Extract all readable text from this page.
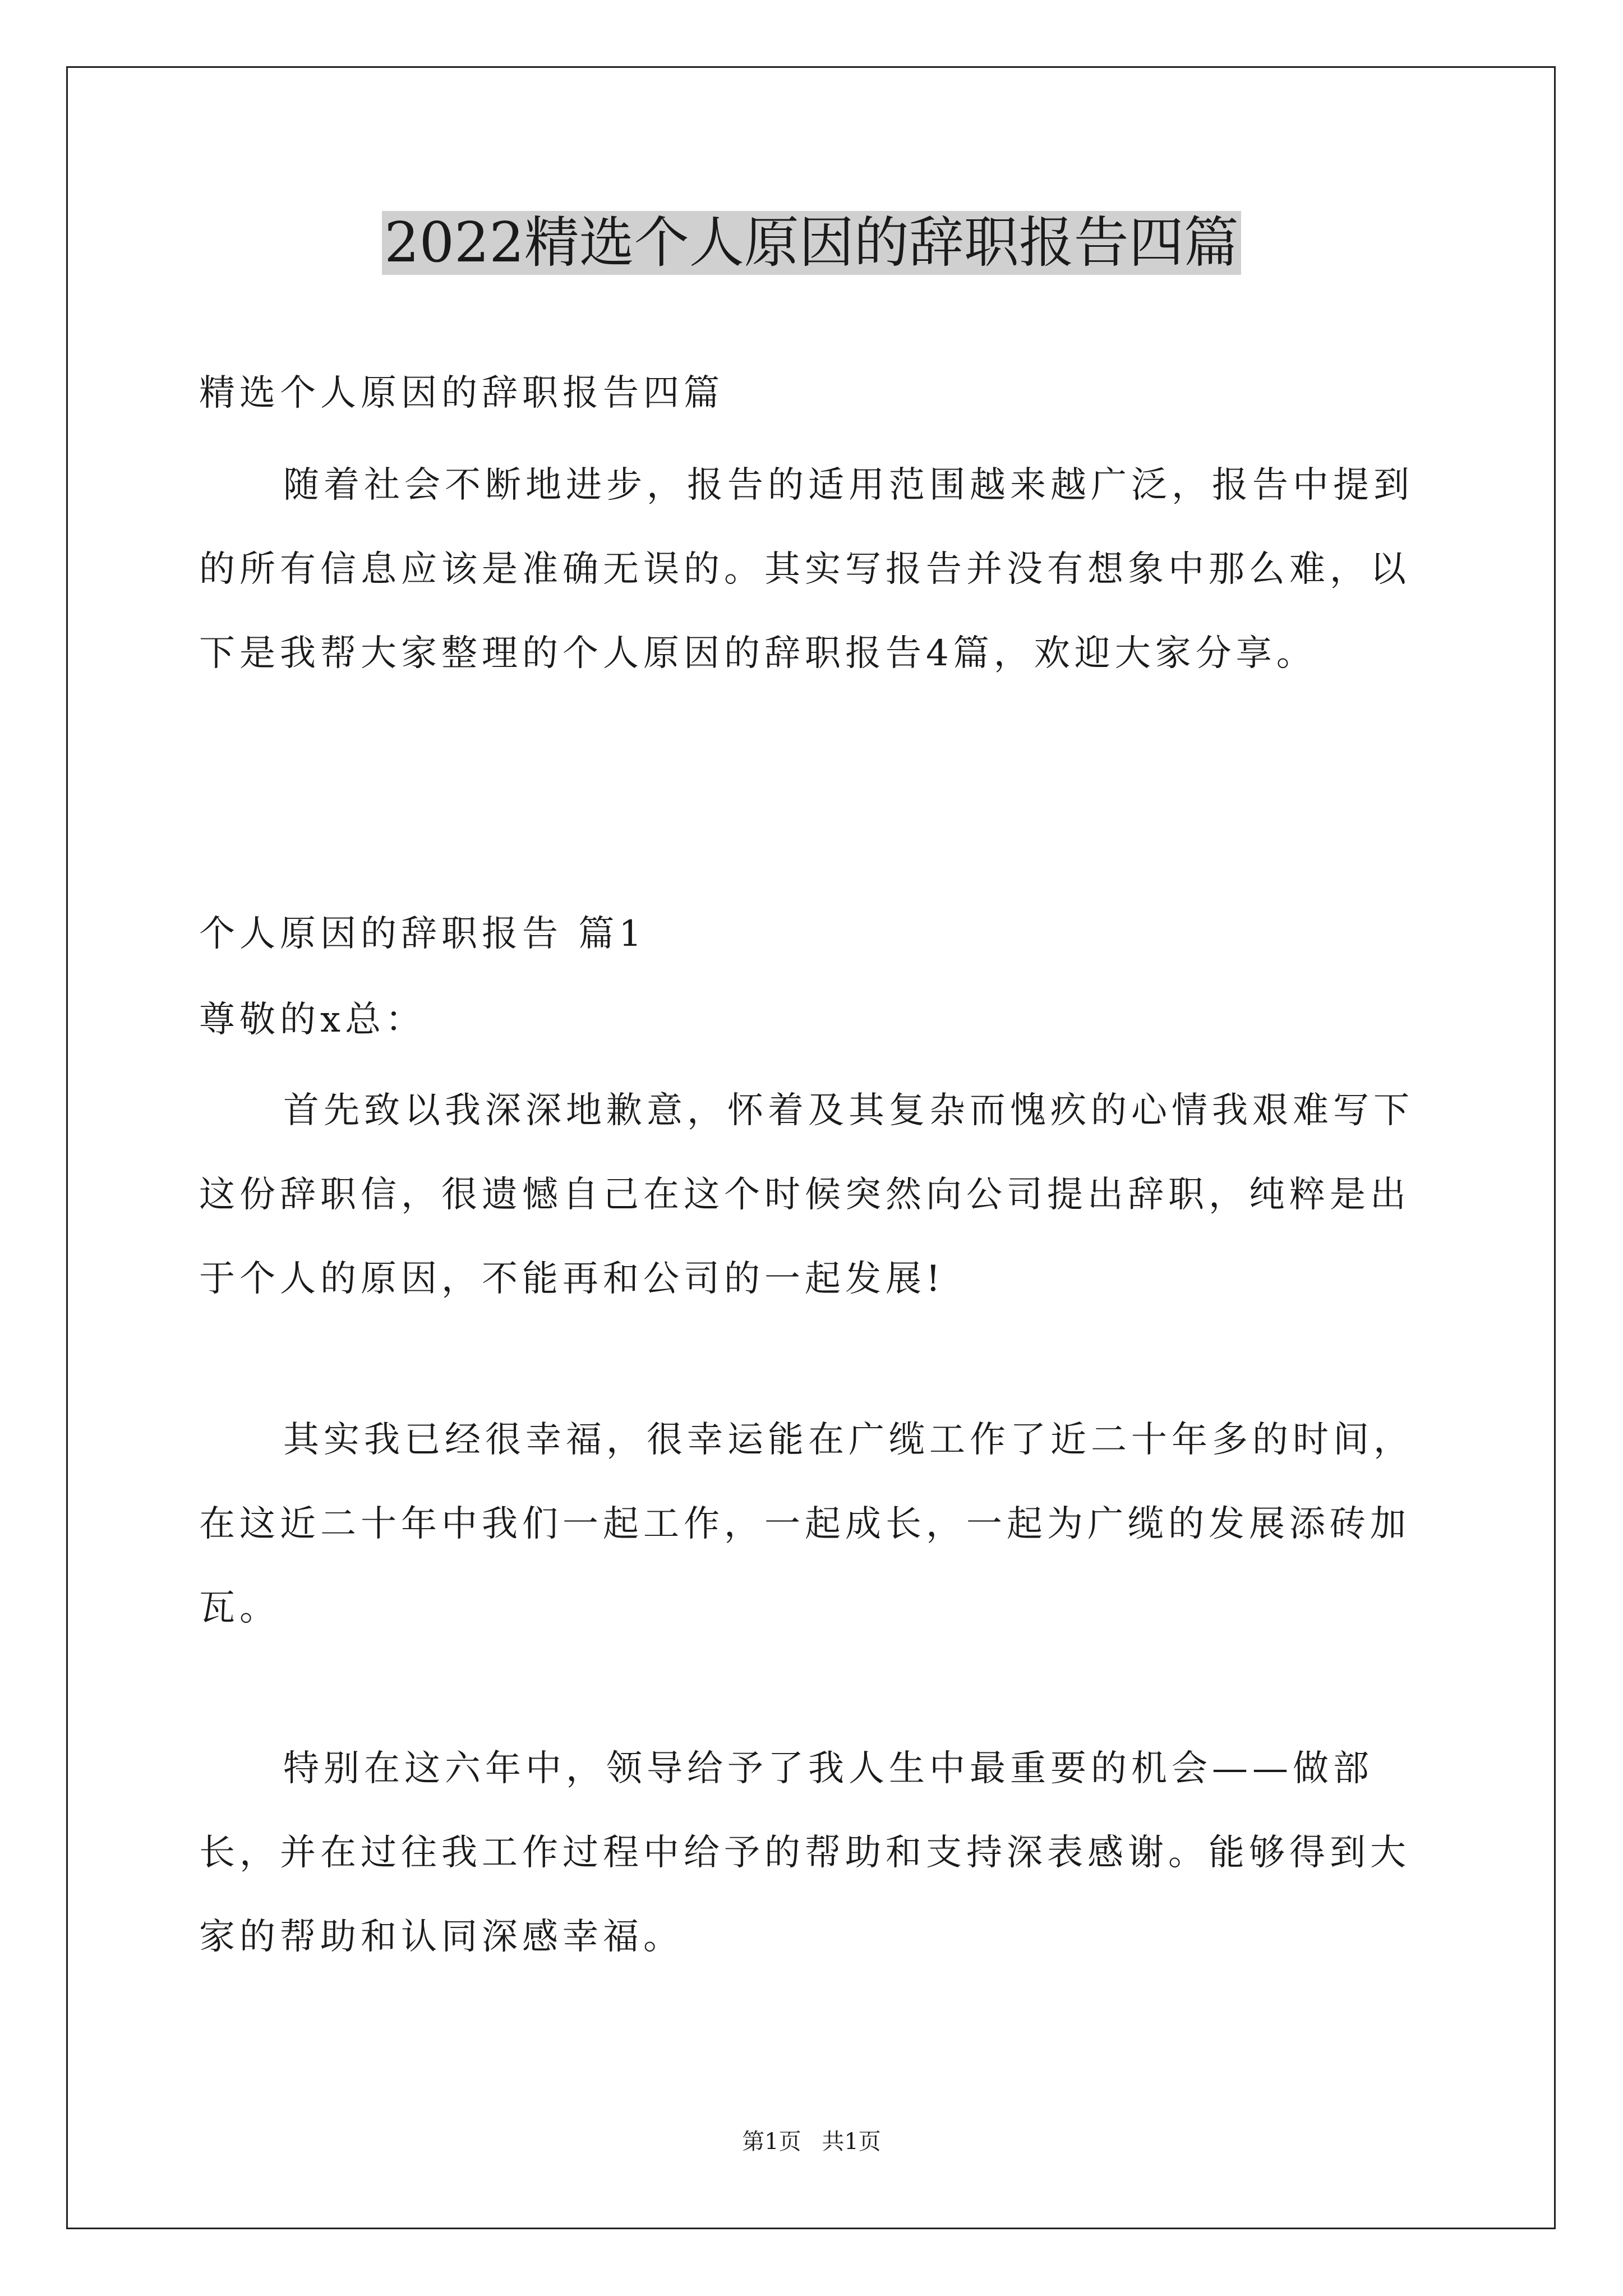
2022精选个人原因的辞职报告四篇

精选个人原因的辞职报告四篇

随着社会不断地进步，报告的适用范围越来越广泛，报告中提到的所有信息应该是准确无误的。其实写报告并没有想象中那么难，以下是我帮大家整理的个人原因的辞职报告4篇，欢迎大家分享。

个人原因的辞职报告 篇1

尊敬的x总：

首先致以我深深地歉意，怀着及其复杂而愧疚的心情我艰难写下这份辞职信，很遗憾自己在这个时候突然向公司提出辞职，纯粹是出于个人的原因，不能再和公司的一起发展!

其实我已经很幸福，很幸运能在广缆工作了近二十年多的时间，在这近二十年中我们一起工作，一起成长，一起为广缆的发展添砖加瓦。

特别在这六年中，领导给予了我人生中最重要的机会——做部长，并在过往我工作过程中给予的帮助和支持深表感谢。能够得到大家的帮助和认同深感幸福。

第1页 共1页
